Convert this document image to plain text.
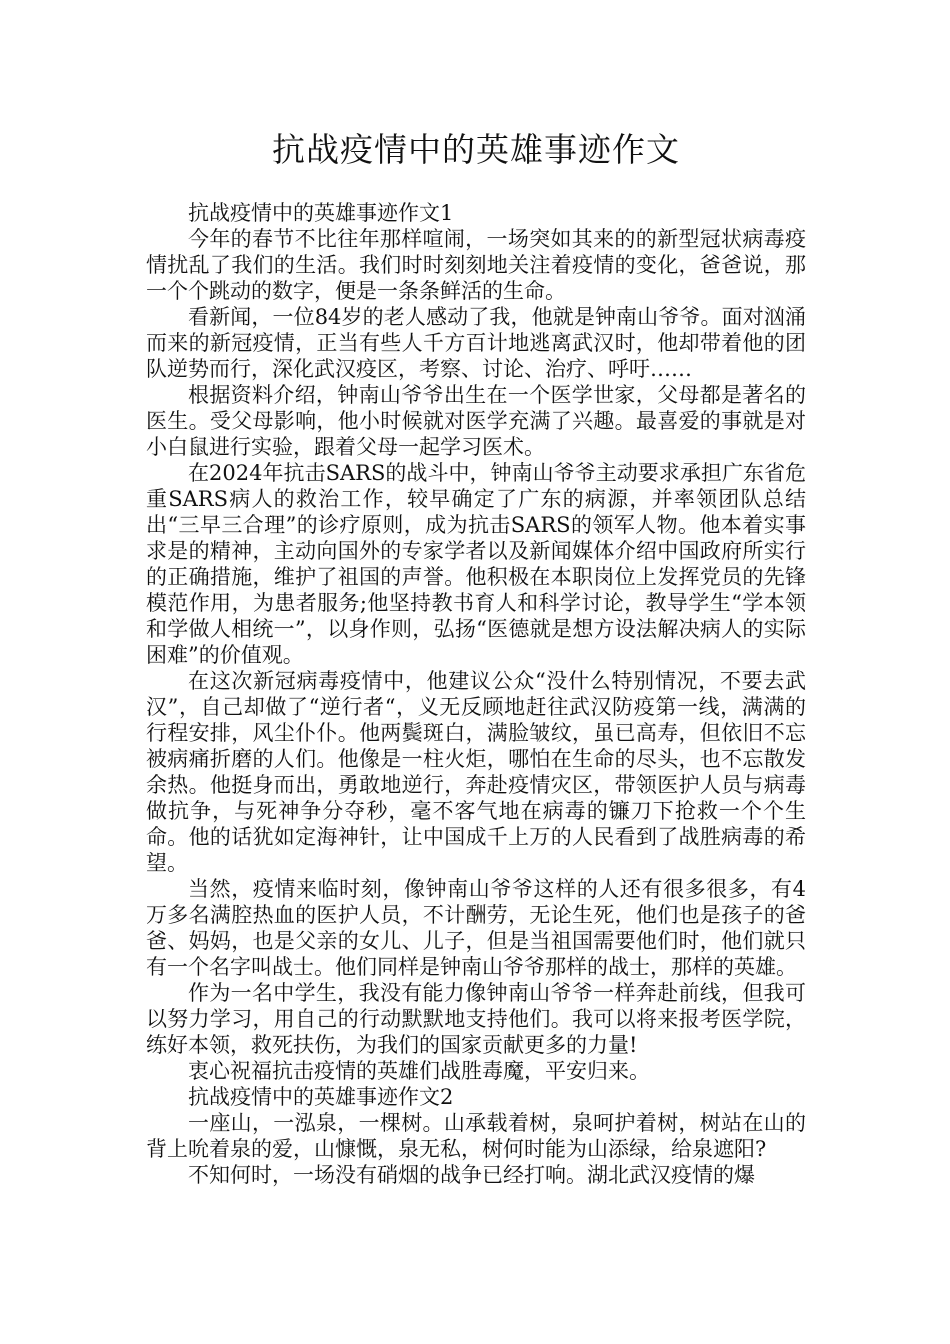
抗战疫情中的英雄事迹作文

抗战疫情中的英雄事迹作文1

今年的春节不比往年那样喧闹，一场突如其来的的新型冠状病毒疫情扰乱了我们的生活。我们时时刻刻地关注着疫情的变化，爸爸说，那一个个跳动的数字，便是一条条鲜活的生命。

看新闻，一位84岁的老人感动了我，他就是钟南山爷爷。面对汹涌而来的新冠疫情，正当有些人千方百计地逃离武汉时，他却带着他的团队逆势而行，深化武汉疫区，考察、讨论、治疗、呼吁……

根据资料介绍，钟南山爷爷出生在一个医学世家，父母都是著名的医生。受父母影响，他小时候就对医学充满了兴趣。最喜爱的事就是对小白鼠进行实验，跟着父母一起学习医术。

在2024年抗击SARS的战斗中，钟南山爷爷主动要求承担广东省危重SARS病人的救治工作，较早确定了广东的病源，并率领团队总结出“三早三合理”的诊疗原则，成为抗击SARS的领军人物。他本着实事求是的精神，主动向国外的专家学者以及新闻媒体介绍中国政府所实行的正确措施，维护了祖国的声誉。他积极在本职岗位上发挥党员的先锋模范作用，为患者服务;他坚持教书育人和科学讨论，教导学生“学本领和学做人相统一”，以身作则，弘扬“医德就是想方设法解决病人的实际困难”的价值观。

在这次新冠病毒疫情中，他建议公众“没什么特别情况，不要去武汉”，自己却做了“逆行者“，义无反顾地赶往武汉防疫第一线，满满的行程安排，风尘仆仆。他两鬓斑白，满脸皱纹，虽已高寿，但依旧不忘被病痛折磨的人们。他像是一柱火炬，哪怕在生命的尽头，也不忘散发余热。他挺身而出，勇敢地逆行，奔赴疫情灾区，带领医护人员与病毒做抗争，与死神争分夺秒，毫不客气地在病毒的镰刀下抢救一个个生命。他的话犹如定海神针，让中国成千上万的人民看到了战胜病毒的希望。

当然，疫情来临时刻，像钟南山爷爷这样的人还有很多很多，有4万多名满腔热血的医护人员，不计酬劳，无论生死，他们也是孩子的爸爸、妈妈，也是父亲的女儿、儿子，但是当祖国需要他们时，他们就只有一个名字叫战士。他们同样是钟南山爷爷那样的战士，那样的英雄。

作为一名中学生，我没有能力像钟南山爷爷一样奔赴前线，但我可以努力学习，用自己的行动默默地支持他们。我可以将来报考医学院，练好本领，救死扶伤，为我们的国家贡献更多的力量!

衷心祝福抗击疫情的英雄们战胜毒魔，平安归来。

抗战疫情中的英雄事迹作文2

一座山，一泓泉，一棵树。山承载着树，泉呵护着树，树站在山的背上吮着泉的爱，山慷慨，泉无私，树何时能为山添绿，给泉遮阳?

不知何时，一场没有硝烟的战争已经打响。湖北武汉疫情的爆
